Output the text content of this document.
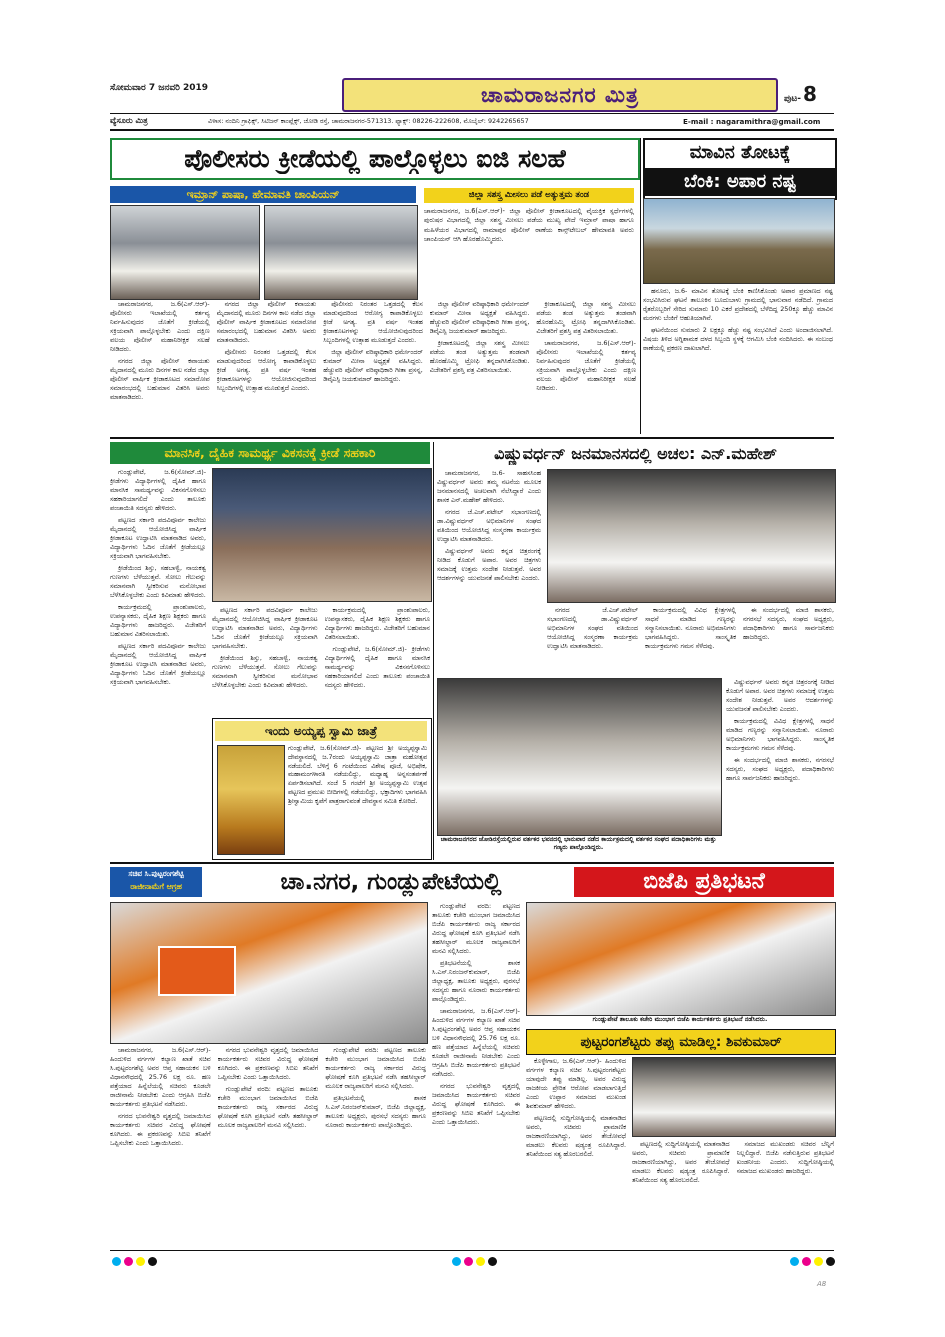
ಸೋಮವಾರ 7 ಜನವರಿ 2019	ಚಾಮರಾಜನಗರ ಮಿತ್ರ	ಪುಟ- 8
ವ್ಯೆಸೂರು ಮಿತ್ರ	ವಿಳಾಸ: ನಂದಿನಿ ಗ್ರಾಫಿಕ್ಸ್, ಸಿಟಿಜನ್ ಕಾಂಪ್ಲೆಕ್ಸ್, ಜೋಡಿ ರಸ್ತೆ, ಚಾಮರಾಜನಗರ-571313. ಫ್ಯಾಕ್ಸ್: 08226-222608, ಮೊಬೈಲ್: 9242265657	E-mail : nagaramithra@gmail.com
ಪೊಲೀಸರು ಕ್ರೀಡೆಯಲ್ಲಿ ಪಾಲ್ಗೊಳ್ಳಲು ಐಜಿ ಸಲಹೆ
ಇಮ್ರಾನ್ ಪಾಷಾ, ಹೇಮಾವತಿ ಚಾಂಪಿಯನ್	ಜಿಲ್ಲಾ ಸಶಸ್ತ್ರ ಮೀಸಲು ಪಡೆ ಅತ್ಯುತ್ತಮ ತಂಡ
ಚಾಮರಾಜನಗರ, ಜ.6(ಎಸ್.ಆರ್)- ಜಿಲ್ಲಾ ಪೊಲೀಸ್ ಕ್ರೀಡಾಕೂಟದಲ್ಲಿ ವೈಯಕ್ತಿಕ ಸ್ಪರ್ಧೆಗಳಲ್ಲಿ ಪುರುಷರ ವಿಭಾಗದಲ್ಲಿ ಜಿಲ್ಲಾ ಸಶಸ್ತ್ರ ಮೀಸಲು ಪಡೆಯ ಮುಖ್ಯ ಪೇದೆ ಇಮ್ರಾನ್ ಪಾಷಾ ಹಾಗೂ ಮಹಿಳೆಯರ ವಿಭಾಗದಲ್ಲಿ ರಾಮಾಪುರ ಪೊಲೀಸ್ ಠಾಣೆಯ ಕಾನ್ಸ್‌ಟೇಬಲ್ ಹೇಮಾವತಿ ಅವರು ಚಾಂಪಿಯನ್ ಆಗಿ ಹೊರಹೊಮ್ಮಿದರು.

ಚಾಮರಾಜನಗರ, ಜ.6(ಎಸ್.ಆರ್)- ಪೊಲೀಸರು ಇಲಾಖೆಯಲ್ಲಿ ಕರ್ತವ್ಯ ನಿರ್ವಹಿಸುವುದರ ಜೊತೆಗೆ ಕ್ರೀಡೆಯಲ್ಲಿ ಸಕ್ರಿಯವಾಗಿ ಪಾಲ್ಗೊಳ್ಳಬೇಕು ಎಂದು ದಕ್ಷಿಣ ವಲಯ ಪೊಲೀಸ್ ಮಹಾನಿರೀಕ್ಷಕ ಸಲಹೆ ನೀಡಿದರು.

ನಗರದ ಜಿಲ್ಲಾ ಪೊಲೀಸ್ ಕವಾಯತು ಮೈದಾನದಲ್ಲಿ ಮೂರು ದಿನಗಳ ಕಾಲ ನಡೆದ ಜಿಲ್ಲಾ ಪೊಲೀಸ್ ವಾರ್ಷಿಕ ಕ್ರೀಡಾಕೂಟದ ಸಮಾರೋಪ ಸಮಾರಂಭದಲ್ಲಿ ಬಹುಮಾನ ವಿತರಿಸಿ ಅವರು ಮಾತನಾಡಿದರು.

ನಗರದ ಜಿಲ್ಲಾ ಪೊಲೀಸ್ ಕವಾಯತು ಮೈದಾನದಲ್ಲಿ ಮೂರು ದಿನಗಳ ಕಾಲ ನಡೆದ ಜಿಲ್ಲಾ ಪೊಲೀಸ್ ವಾರ್ಷಿಕ ಕ್ರೀಡಾಕೂಟದ ಸಮಾರೋಪ ಸಮಾರಂಭದಲ್ಲಿ ಬಹುಮಾನ ವಿತರಿಸಿ ಅವರು ಮಾತನಾಡಿದರು.

ಪೊಲೀಸರು ನಿರಂತರ ಒತ್ತಡದಲ್ಲಿ ಕೆಲಸ ಮಾಡುವುದರಿಂದ ಆರೋಗ್ಯ ಕಾಪಾಡಿಕೊಳ್ಳಲು ಕ್ರೀಡೆ ಅಗತ್ಯ. ಪ್ರತಿ ವರ್ಷ ಇಂತಹ ಕ್ರೀಡಾಕೂಟಗಳನ್ನು ಆಯೋಜಿಸುವುದರಿಂದ ಸಿಬ್ಬಂದಿಗಳಲ್ಲಿ ಉತ್ಸಾಹ ಮೂಡುತ್ತದೆ ಎಂದರು.

ಪೊಲೀಸರು ನಿರಂತರ ಒತ್ತಡದಲ್ಲಿ ಕೆಲಸ ಮಾಡುವುದರಿಂದ ಆರೋಗ್ಯ ಕಾಪಾಡಿಕೊಳ್ಳಲು ಕ್ರೀಡೆ ಅಗತ್ಯ. ಪ್ರತಿ ವರ್ಷ ಇಂತಹ ಕ್ರೀಡಾಕೂಟಗಳನ್ನು ಆಯೋಜಿಸುವುದರಿಂದ ಸಿಬ್ಬಂದಿಗಳಲ್ಲಿ ಉತ್ಸಾಹ ಮೂಡುತ್ತದೆ ಎಂದರು.

ಜಿಲ್ಲಾ ಪೊಲೀಸ್ ವರಿಷ್ಠಾಧಿಕಾರಿ ಧರ್ಮೇಂದರ್ ಕುಮಾರ್ ಮೀನಾ ಅಧ್ಯಕ್ಷತೆ ವಹಿಸಿದ್ದರು. ಹೆಚ್ಚುವರಿ ಪೊಲೀಸ್ ವರಿಷ್ಠಾಧಿಕಾರಿ ಗೀತಾ ಪ್ರಸನ್ನ, ಡಿವೈಎಸ್ಪಿ ಜಯಕುಮಾರ್ ಹಾಜರಿದ್ದರು.

ಜಿಲ್ಲಾ ಪೊಲೀಸ್ ವರಿಷ್ಠಾಧಿಕಾರಿ ಧರ್ಮೇಂದರ್ ಕುಮಾರ್ ಮೀನಾ ಅಧ್ಯಕ್ಷತೆ ವಹಿಸಿದ್ದರು. ಹೆಚ್ಚುವರಿ ಪೊಲೀಸ್ ವರಿಷ್ಠಾಧಿಕಾರಿ ಗೀತಾ ಪ್ರಸನ್ನ, ಡಿವೈಎಸ್ಪಿ ಜಯಕುಮಾರ್ ಹಾಜರಿದ್ದರು.

ಕ್ರೀಡಾಕೂಟದಲ್ಲಿ ಜಿಲ್ಲಾ ಸಶಸ್ತ್ರ ಮೀಸಲು ಪಡೆಯ ತಂಡ ಅತ್ಯುತ್ತಮ ತಂಡವಾಗಿ ಹೊರಹೊಮ್ಮಿ ಟ್ರೋಫಿ ತನ್ನದಾಗಿಸಿಕೊಂಡಿತು. ವಿಜೇತರಿಗೆ ಪ್ರಶಸ್ತಿ ಪತ್ರ ವಿತರಿಸಲಾಯಿತು.

ಕ್ರೀಡಾಕೂಟದಲ್ಲಿ ಜಿಲ್ಲಾ ಸಶಸ್ತ್ರ ಮೀಸಲು ಪಡೆಯ ತಂಡ ಅತ್ಯುತ್ತಮ ತಂಡವಾಗಿ ಹೊರಹೊಮ್ಮಿ ಟ್ರೋಫಿ ತನ್ನದಾಗಿಸಿಕೊಂಡಿತು. ವಿಜೇತರಿಗೆ ಪ್ರಶಸ್ತಿ ಪತ್ರ ವಿತರಿಸಲಾಯಿತು.

ಚಾಮರಾಜನಗರ, ಜ.6(ಎಸ್.ಆರ್)- ಪೊಲೀಸರು ಇಲಾಖೆಯಲ್ಲಿ ಕರ್ತವ್ಯ ನಿರ್ವಹಿಸುವುದರ ಜೊತೆಗೆ ಕ್ರೀಡೆಯಲ್ಲಿ ಸಕ್ರಿಯವಾಗಿ ಪಾಲ್ಗೊಳ್ಳಬೇಕು ಎಂದು ದಕ್ಷಿಣ ವಲಯ ಪೊಲೀಸ್ ಮಹಾನಿರೀಕ್ಷಕ ಸಲಹೆ ನೀಡಿದರು.

ಮಾವಿನ ತೋಟಕ್ಕೆ
ಬೆಂಕಿ: ಅಪಾರ ನಷ್ಟ

ಹನೂರು, ಜ.6- ಮಾವಿನ ತೋಟಕ್ಕೆ ಬೆಂಕಿ ಕಾಣಿಸಿಕೊಂಡು ಅಪಾರ ಪ್ರಮಾಣದ ನಷ್ಟ ಸಂಭವಿಸಿರುವ ಘಟನೆ ತಾಲೂಕಿನ ಬೂದುಬಾಳು ಗ್ರಾಮದಲ್ಲಿ ಭಾನುವಾರ ನಡೆದಿದೆ. ಗ್ರಾಮದ ರೈತರೊಬ್ಬರಿಗೆ ಸೇರಿದ ಸುಮಾರು 10 ಎಕರೆ ಪ್ರದೇಶದಲ್ಲಿ ಬೆಳೆದಿದ್ದ 250ಕ್ಕೂ ಹೆಚ್ಚು ಮಾವಿನ ಮರಗಳು ಬೆಂಕಿಗೆ ಆಹುತಿಯಾಗಿವೆ.

ಘಟನೆಯಿಂದ ಸುಮಾರು 2 ಲಕ್ಷಕ್ಕೂ ಹೆಚ್ಚು ನಷ್ಟ ಸಂಭವಿಸಿದೆ ಎಂದು ಅಂದಾಜಿಸಲಾಗಿದೆ. ವಿಷಯ ತಿಳಿದ ಅಗ್ನಿಶಾಮಕ ದಳದ ಸಿಬ್ಬಂದಿ ಸ್ಥಳಕ್ಕೆ ಆಗಮಿಸಿ ಬೆಂಕಿ ನಂದಿಸಿದರು. ಈ ಸಂಬಂಧ ಠಾಣೆಯಲ್ಲಿ ಪ್ರಕರಣ ದಾಖಲಾಗಿದೆ.

ಮಾನಸಿಕ, ದೈಹಿಕ ಸಾಮರ್ಥ್ಯ ವಿಕಸನಕ್ಕೆ ಕ್ರೀಡೆ ಸಹಕಾರಿ

ಗುಂಡ್ಲುಪೇಟೆ, ಜ.6(ಸೋಮ್.ಜಿ)- ಕ್ರೀಡೆಗಳು ವಿದ್ಯಾರ್ಥಿಗಳಲ್ಲಿ ದೈಹಿಕ ಹಾಗೂ ಮಾನಸಿಕ ಸಾಮರ್ಥ್ಯವನ್ನು ವಿಕಸನಗೊಳಿಸಲು ಸಹಕಾರಿಯಾಗಲಿದೆ ಎಂದು ತಾಲೂಕು ಪಂಚಾಯಿತಿ ಸದಸ್ಯರು ಹೇಳಿದರು.

ಪಟ್ಟಣದ ಸರ್ಕಾರಿ ಪದವಿಪೂರ್ವ ಕಾಲೇಜು ಮೈದಾನದಲ್ಲಿ ಆಯೋಜಿಸಿದ್ದ ವಾರ್ಷಿಕ ಕ್ರೀಡಾಕೂಟ ಉದ್ಘಾಟಿಸಿ ಮಾತನಾಡಿದ ಅವರು, ವಿದ್ಯಾರ್ಥಿಗಳು ಓದಿನ ಜೊತೆಗೆ ಕ್ರೀಡೆಯಲ್ಲೂ ಸಕ್ರಿಯವಾಗಿ ಭಾಗವಹಿಸಬೇಕು.

ಕ್ರೀಡೆಯಿಂದ ಶಿಸ್ತು, ಸಹಬಾಳ್ವೆ, ನಾಯಕತ್ವ ಗುಣಗಳು ಬೆಳೆಯುತ್ತವೆ. ಸೋಲು ಗೆಲುವನ್ನು ಸಮಾನವಾಗಿ ಸ್ವೀಕರಿಸುವ ಮನೋಭಾವ ಬೆಳೆಸಿಕೊಳ್ಳಬೇಕು ಎಂದು ಕಿವಿಮಾತು ಹೇಳಿದರು.

ಕಾರ್ಯಕ್ರಮದಲ್ಲಿ ಪ್ರಾಂಶುಪಾಲರು, ಉಪನ್ಯಾಸಕರು, ದೈಹಿಕ ಶಿಕ್ಷಣ ಶಿಕ್ಷಕರು ಹಾಗೂ ವಿದ್ಯಾರ್ಥಿಗಳು ಹಾಜರಿದ್ದರು. ವಿಜೇತರಿಗೆ ಬಹುಮಾನ ವಿತರಿಸಲಾಯಿತು.

ಪಟ್ಟಣದ ಸರ್ಕಾರಿ ಪದವಿಪೂರ್ವ ಕಾಲೇಜು ಮೈದಾನದಲ್ಲಿ ಆಯೋಜಿಸಿದ್ದ ವಾರ್ಷಿಕ ಕ್ರೀಡಾಕೂಟ ಉದ್ಘಾಟಿಸಿ ಮಾತನಾಡಿದ ಅವರು, ವಿದ್ಯಾರ್ಥಿಗಳು ಓದಿನ ಜೊತೆಗೆ ಕ್ರೀಡೆಯಲ್ಲೂ ಸಕ್ರಿಯವಾಗಿ ಭಾಗವಹಿಸಬೇಕು.

ಪಟ್ಟಣದ ಸರ್ಕಾರಿ ಪದವಿಪೂರ್ವ ಕಾಲೇಜು ಮೈದಾನದಲ್ಲಿ ಆಯೋಜಿಸಿದ್ದ ವಾರ್ಷಿಕ ಕ್ರೀಡಾಕೂಟ ಉದ್ಘಾಟಿಸಿ ಮಾತನಾಡಿದ ಅವರು, ವಿದ್ಯಾರ್ಥಿಗಳು ಓದಿನ ಜೊತೆಗೆ ಕ್ರೀಡೆಯಲ್ಲೂ ಸಕ್ರಿಯವಾಗಿ ಭಾಗವಹಿಸಬೇಕು.

ಕ್ರೀಡೆಯಿಂದ ಶಿಸ್ತು, ಸಹಬಾಳ್ವೆ, ನಾಯಕತ್ವ ಗುಣಗಳು ಬೆಳೆಯುತ್ತವೆ. ಸೋಲು ಗೆಲುವನ್ನು ಸಮಾನವಾಗಿ ಸ್ವೀಕರಿಸುವ ಮನೋಭಾವ ಬೆಳೆಸಿಕೊಳ್ಳಬೇಕು ಎಂದು ಕಿವಿಮಾತು ಹೇಳಿದರು.

ಕಾರ್ಯಕ್ರಮದಲ್ಲಿ ಪ್ರಾಂಶುಪಾಲರು, ಉಪನ್ಯಾಸಕರು, ದೈಹಿಕ ಶಿಕ್ಷಣ ಶಿಕ್ಷಕರು ಹಾಗೂ ವಿದ್ಯಾರ್ಥಿಗಳು ಹಾಜರಿದ್ದರು. ವಿಜೇತರಿಗೆ ಬಹುಮಾನ ವಿತರಿಸಲಾಯಿತು.

ಗುಂಡ್ಲುಪೇಟೆ, ಜ.6(ಸೋಮ್.ಜಿ)- ಕ್ರೀಡೆಗಳು ವಿದ್ಯಾರ್ಥಿಗಳಲ್ಲಿ ದೈಹಿಕ ಹಾಗೂ ಮಾನಸಿಕ ಸಾಮರ್ಥ್ಯವನ್ನು ವಿಕಸನಗೊಳಿಸಲು ಸಹಕಾರಿಯಾಗಲಿದೆ ಎಂದು ತಾಲೂಕು ಪಂಚಾಯಿತಿ ಸದಸ್ಯರು ಹೇಳಿದರು.

ಇಂದು ಅಯ್ಯಪ್ಪ ಸ್ವಾಮಿ ಜಾತ್ರೆ
ಗುಂಡ್ಲುಪೇಟೆ, ಜ.6(ಸೋಮ್.ಜಿ)- ಪಟ್ಟಣದ ಶ್ರೀ ಅಯ್ಯಪ್ಪಸ್ವಾಮಿ ದೇವಸ್ಥಾನದಲ್ಲಿ ಜ.7ರಂದು ಅಯ್ಯಪ್ಪಸ್ವಾಮಿ ಜಾತ್ರಾ ಮಹೋತ್ಸವ ನಡೆಯಲಿದೆ. ಬೆಳಿಗ್ಗೆ 6 ಗಂಟೆಯಿಂದ ವಿಶೇಷ ಪೂಜೆ, ಅಭಿಷೇಕ, ಮಹಾಮಂಗಳಾರತಿ ನಡೆಯಲಿದ್ದು, ಮಧ್ಯಾಹ್ನ ಅನ್ನಸಂತರ್ಪಣೆ ಏರ್ಪಡಿಸಲಾಗಿದೆ. ಸಂಜೆ 5 ಗಂಟೆಗೆ ಶ್ರೀ ಅಯ್ಯಪ್ಪಸ್ವಾಮಿ ಉತ್ಸವ ಪಟ್ಟಣದ ಪ್ರಮುಖ ಬೀದಿಗಳಲ್ಲಿ ನಡೆಯಲಿದ್ದು, ಭಕ್ತಾದಿಗಳು ಭಾಗವಹಿಸಿ ಶ್ರೀಸ್ವಾಮಿಯ ಕೃಪೆಗೆ ಪಾತ್ರರಾಗುವಂತೆ ದೇವಸ್ಥಾನ ಸಮಿತಿ ಕೋರಿದೆ.
ವಿಷ್ಣುವರ್ಧನ್ ಜನಮಾನಸದಲ್ಲಿ ಅಚಲ: ಎನ್.ಮಹೇಶ್

ಚಾಮರಾಜನಗರ, ಜ.6- ಸಾಹಸಸಿಂಹ ವಿಷ್ಣುವರ್ಧನ್ ಅವರು ತಮ್ಮ ನಟನೆಯ ಮೂಲಕ ಜನಮಾನಸದಲ್ಲಿ ಅಚಲವಾಗಿ ನೆಲೆಸಿದ್ದಾರೆ ಎಂದು ಶಾಸಕ ಎನ್.ಮಹೇಶ್ ಹೇಳಿದರು.

ನಗರದ ಜೆ.ಎಚ್.ಪಟೇಲ್ ಸಭಾಂಗಣದಲ್ಲಿ ಡಾ.ವಿಷ್ಣುವರ್ಧನ್ ಅಭಿಮಾನಿಗಳ ಸಂಘದ ವತಿಯಿಂದ ಆಯೋಜಿಸಿದ್ದ ಸಂಸ್ಮರಣಾ ಕಾರ್ಯಕ್ರಮ ಉದ್ಘಾಟಿಸಿ ಮಾತನಾಡಿದರು.

ವಿಷ್ಣುವರ್ಧನ್ ಅವರು ಕನ್ನಡ ಚಿತ್ರರಂಗಕ್ಕೆ ನೀಡಿದ ಕೊಡುಗೆ ಅಪಾರ. ಅವರ ಚಿತ್ರಗಳು ಸಮಾಜಕ್ಕೆ ಉತ್ತಮ ಸಂದೇಶ ನೀಡುತ್ತವೆ. ಅವರ ಆದರ್ಶಗಳನ್ನು ಯುವಜನತೆ ಪಾಲಿಸಬೇಕು ಎಂದರು.

ನಗರದ ಜೆ.ಎಚ್.ಪಟೇಲ್ ಸಭಾಂಗಣದಲ್ಲಿ ಡಾ.ವಿಷ್ಣುವರ್ಧನ್ ಅಭಿಮಾನಿಗಳ ಸಂಘದ ವತಿಯಿಂದ ಆಯೋಜಿಸಿದ್ದ ಸಂಸ್ಮರಣಾ ಕಾರ್ಯಕ್ರಮ ಉದ್ಘಾಟಿಸಿ ಮಾತನಾಡಿದರು.

ಕಾರ್ಯಕ್ರಮದಲ್ಲಿ ವಿವಿಧ ಕ್ಷೇತ್ರಗಳಲ್ಲಿ ಸಾಧನೆ ಮಾಡಿದ ಗಣ್ಯರನ್ನು ಸನ್ಮಾನಿಸಲಾಯಿತು. ನೂರಾರು ಅಭಿಮಾನಿಗಳು ಭಾಗವಹಿಸಿದ್ದರು. ಸಾಂಸ್ಕೃತಿಕ ಕಾರ್ಯಕ್ರಮಗಳು ಗಮನ ಸೆಳೆದವು.

ಈ ಸಂದರ್ಭದಲ್ಲಿ ಮಾಜಿ ಶಾಸಕರು, ನಗರಸಭೆ ಸದಸ್ಯರು, ಸಂಘದ ಅಧ್ಯಕ್ಷರು, ಪದಾಧಿಕಾರಿಗಳು ಹಾಗೂ ಸಾರ್ವಜನಿಕರು ಹಾಜರಿದ್ದರು.

ಚಾಮರಾಜನಗರದ ಜೋಡಿರಸ್ತೆಯಲ್ಲಿರುವ ವರ್ತಕರ ಭವನದಲ್ಲಿ ಭಾನುವಾರ ನಡೆದ ಕಾರ್ಯಕ್ರಮದಲ್ಲಿ ವರ್ತಕರ ಸಂಘದ ಪದಾಧಿಕಾರಿಗಳು ಮತ್ತು ಗಣ್ಯರು ಪಾಲ್ಗೊಂಡಿದ್ದರು.

ವಿಷ್ಣುವರ್ಧನ್ ಅವರು ಕನ್ನಡ ಚಿತ್ರರಂಗಕ್ಕೆ ನೀಡಿದ ಕೊಡುಗೆ ಅಪಾರ. ಅವರ ಚಿತ್ರಗಳು ಸಮಾಜಕ್ಕೆ ಉತ್ತಮ ಸಂದೇಶ ನೀಡುತ್ತವೆ. ಅವರ ಆದರ್ಶಗಳನ್ನು ಯುವಜನತೆ ಪಾಲಿಸಬೇಕು ಎಂದರು.

ಕಾರ್ಯಕ್ರಮದಲ್ಲಿ ವಿವಿಧ ಕ್ಷೇತ್ರಗಳಲ್ಲಿ ಸಾಧನೆ ಮಾಡಿದ ಗಣ್ಯರನ್ನು ಸನ್ಮಾನಿಸಲಾಯಿತು. ನೂರಾರು ಅಭಿಮಾನಿಗಳು ಭಾಗವಹಿಸಿದ್ದರು. ಸಾಂಸ್ಕೃತಿಕ ಕಾರ್ಯಕ್ರಮಗಳು ಗಮನ ಸೆಳೆದವು.

ಈ ಸಂದರ್ಭದಲ್ಲಿ ಮಾಜಿ ಶಾಸಕರು, ನಗರಸಭೆ ಸದಸ್ಯರು, ಸಂಘದ ಅಧ್ಯಕ್ಷರು, ಪದಾಧಿಕಾರಿಗಳು ಹಾಗೂ ಸಾರ್ವಜನಿಕರು ಹಾಜರಿದ್ದರು.

ಸಚಿವ ಸಿ.ಪುಟ್ಟರಂಗಶೆಟ್ಟಿ
ರಾಜೀನಾಮೆಗೆ ಆಗ್ರಹ	ಚಾ.ನಗರ, ಗುಂಡ್ಲುಪೇಟೆಯಲ್ಲಿ	ಬಿಜೆಪಿ ಪ್ರತಿಭಟನೆ

ಚಾಮರಾಜನಗರ, ಜ.6(ಎಸ್.ಆರ್)- ಹಿಂದುಳಿದ ವರ್ಗಗಳ ಕಲ್ಯಾಣ ಖಾತೆ ಸಚಿವ ಸಿ.ಪುಟ್ಟರಂಗಶೆಟ್ಟಿ ಅವರ ಆಪ್ತ ಸಹಾಯಕನ ಬಳಿ ವಿಧಾನಸೌಧದಲ್ಲಿ 25.76 ಲಕ್ಷ ರೂ. ಹಣ ಪತ್ತೆಯಾದ ಹಿನ್ನೆಲೆಯಲ್ಲಿ ಸಚಿವರು ಕೂಡಲೇ ರಾಜೀನಾಮೆ ನೀಡಬೇಕು ಎಂದು ಆಗ್ರಹಿಸಿ ಬಿಜೆಪಿ ಕಾರ್ಯಕರ್ತರು ಪ್ರತಿಭಟನೆ ನಡೆಸಿದರು.

ನಗರದ ಭುವನೇಶ್ವರಿ ವೃತ್ತದಲ್ಲಿ ಜಮಾಯಿಸಿದ ಕಾರ್ಯಕರ್ತರು ಸಚಿವರ ವಿರುದ್ಧ ಘೋಷಣೆ ಕೂಗಿದರು. ಈ ಪ್ರಕರಣವನ್ನು ಸಿಬಿಐ ತನಿಖೆಗೆ ಒಪ್ಪಿಸಬೇಕು ಎಂದು ಒತ್ತಾಯಿಸಿದರು.

ನಗರದ ಭುವನೇಶ್ವರಿ ವೃತ್ತದಲ್ಲಿ ಜಮಾಯಿಸಿದ ಕಾರ್ಯಕರ್ತರು ಸಚಿವರ ವಿರುದ್ಧ ಘೋಷಣೆ ಕೂಗಿದರು. ಈ ಪ್ರಕರಣವನ್ನು ಸಿಬಿಐ ತನಿಖೆಗೆ ಒಪ್ಪಿಸಬೇಕು ಎಂದು ಒತ್ತಾಯಿಸಿದರು.

ಗುಂಡ್ಲುಪೇಟೆ ವರದಿ: ಪಟ್ಟಣದ ತಾಲೂಕು ಕಚೇರಿ ಮುಂಭಾಗ ಜಮಾಯಿಸಿದ ಬಿಜೆಪಿ ಕಾರ್ಯಕರ್ತರು ರಾಜ್ಯ ಸರ್ಕಾರದ ವಿರುದ್ಧ ಘೋಷಣೆ ಕೂಗಿ ಪ್ರತಿಭಟನೆ ನಡೆಸಿ ತಹಸೀಲ್ದಾರ್ ಮೂಲಕ ರಾಜ್ಯಪಾಲರಿಗೆ ಮನವಿ ಸಲ್ಲಿಸಿದರು.

ಗುಂಡ್ಲುಪೇಟೆ ವರದಿ: ಪಟ್ಟಣದ ತಾಲೂಕು ಕಚೇರಿ ಮುಂಭಾಗ ಜಮಾಯಿಸಿದ ಬಿಜೆಪಿ ಕಾರ್ಯಕರ್ತರು ರಾಜ್ಯ ಸರ್ಕಾರದ ವಿರುದ್ಧ ಘೋಷಣೆ ಕೂಗಿ ಪ್ರತಿಭಟನೆ ನಡೆಸಿ ತಹಸೀಲ್ದಾರ್ ಮೂಲಕ ರಾಜ್ಯಪಾಲರಿಗೆ ಮನವಿ ಸಲ್ಲಿಸಿದರು.

ಪ್ರತಿಭಟನೆಯಲ್ಲಿ ಶಾಸಕ ಸಿ.ಎಸ್.ನಿರಂಜನ್‌ಕುಮಾರ್, ಬಿಜೆಪಿ ಜಿಲ್ಲಾಧ್ಯಕ್ಷ, ತಾಲೂಕು ಅಧ್ಯಕ್ಷರು, ಪುರಸಭೆ ಸದಸ್ಯರು ಹಾಗೂ ನೂರಾರು ಕಾರ್ಯಕರ್ತರು ಪಾಲ್ಗೊಂಡಿದ್ದರು.

ಗುಂಡ್ಲುಪೇಟೆ ವರದಿ: ಪಟ್ಟಣದ ತಾಲೂಕು ಕಚೇರಿ ಮುಂಭಾಗ ಜಮಾಯಿಸಿದ ಬಿಜೆಪಿ ಕಾರ್ಯಕರ್ತರು ರಾಜ್ಯ ಸರ್ಕಾರದ ವಿರುದ್ಧ ಘೋಷಣೆ ಕೂಗಿ ಪ್ರತಿಭಟನೆ ನಡೆಸಿ ತಹಸೀಲ್ದಾರ್ ಮೂಲಕ ರಾಜ್ಯಪಾಲರಿಗೆ ಮನವಿ ಸಲ್ಲಿಸಿದರು.

ಪ್ರತಿಭಟನೆಯಲ್ಲಿ ಶಾಸಕ ಸಿ.ಎಸ್.ನಿರಂಜನ್‌ಕುಮಾರ್, ಬಿಜೆಪಿ ಜಿಲ್ಲಾಧ್ಯಕ್ಷ, ತಾಲೂಕು ಅಧ್ಯಕ್ಷರು, ಪುರಸಭೆ ಸದಸ್ಯರು ಹಾಗೂ ನೂರಾರು ಕಾರ್ಯಕರ್ತರು ಪಾಲ್ಗೊಂಡಿದ್ದರು.

ಚಾಮರಾಜನಗರ, ಜ.6(ಎಸ್.ಆರ್)- ಹಿಂದುಳಿದ ವರ್ಗಗಳ ಕಲ್ಯಾಣ ಖಾತೆ ಸಚಿವ ಸಿ.ಪುಟ್ಟರಂಗಶೆಟ್ಟಿ ಅವರ ಆಪ್ತ ಸಹಾಯಕನ ಬಳಿ ವಿಧಾನಸೌಧದಲ್ಲಿ 25.76 ಲಕ್ಷ ರೂ. ಹಣ ಪತ್ತೆಯಾದ ಹಿನ್ನೆಲೆಯಲ್ಲಿ ಸಚಿವರು ಕೂಡಲೇ ರಾಜೀನಾಮೆ ನೀಡಬೇಕು ಎಂದು ಆಗ್ರಹಿಸಿ ಬಿಜೆಪಿ ಕಾರ್ಯಕರ್ತರು ಪ್ರತಿಭಟನೆ ನಡೆಸಿದರು.

ನಗರದ ಭುವನೇಶ್ವರಿ ವೃತ್ತದಲ್ಲಿ ಜಮಾಯಿಸಿದ ಕಾರ್ಯಕರ್ತರು ಸಚಿವರ ವಿರುದ್ಧ ಘೋಷಣೆ ಕೂಗಿದರು. ಈ ಪ್ರಕರಣವನ್ನು ಸಿಬಿಐ ತನಿಖೆಗೆ ಒಪ್ಪಿಸಬೇಕು ಎಂದು ಒತ್ತಾಯಿಸಿದರು.

ಗುಂಡ್ಲುಪೇಟೆ ತಾಲೂಕು ಕಚೇರಿ ಮುಂಭಾಗ ಬಿಜೆಪಿ ಕಾರ್ಯಕರ್ತರು ಪ್ರತಿಭಟನೆ ನಡೆಸಿದರು.
ಪುಟ್ಟರಂಗಶೆಟ್ಟರು ತಪ್ಪು ಮಾಡಿಲ್ಲ: ಶಿವಕುಮಾರ್

ಕೊಳ್ಳೇಗಾಲ, ಜ.6(ಎಸ್.ಆರ್)- ಹಿಂದುಳಿದ ವರ್ಗಗಳ ಕಲ್ಯಾಣ ಸಚಿವ ಸಿ.ಪುಟ್ಟರಂಗಶೆಟ್ಟರು ಯಾವುದೇ ತಪ್ಪು ಮಾಡಿಲ್ಲ. ಅವರ ವಿರುದ್ಧ ರಾಜಕೀಯ ಪ್ರೇರಿತ ಆರೋಪ ಮಾಡಲಾಗುತ್ತಿದೆ ಎಂದು ಉಪ್ಪಾರ ಸಮಾಜದ ಮುಖಂಡ ಶಿವಕುಮಾರ್ ಹೇಳಿದರು.

ಪಟ್ಟಣದಲ್ಲಿ ಸುದ್ದಿಗೋಷ್ಠಿಯಲ್ಲಿ ಮಾತನಾಡಿದ ಅವರು, ಸಚಿವರು ಪ್ರಾಮಾಣಿಕ ರಾಜಕಾರಣಿಯಾಗಿದ್ದು, ಅವರ ತೇಜೋವಧೆ ಮಾಡಲು ಕೆಲವರು ಷಡ್ಯಂತ್ರ ರೂಪಿಸಿದ್ದಾರೆ. ತನಿಖೆಯಿಂದ ಸತ್ಯ ಹೊರಬರಲಿದೆ.

ಪಟ್ಟಣದಲ್ಲಿ ಸುದ್ದಿಗೋಷ್ಠಿಯಲ್ಲಿ ಮಾತನಾಡಿದ ಅವರು, ಸಚಿವರು ಪ್ರಾಮಾಣಿಕ ರಾಜಕಾರಣಿಯಾಗಿದ್ದು, ಅವರ ತೇಜೋವಧೆ ಮಾಡಲು ಕೆಲವರು ಷಡ್ಯಂತ್ರ ರೂಪಿಸಿದ್ದಾರೆ. ತನಿಖೆಯಿಂದ ಸತ್ಯ ಹೊರಬರಲಿದೆ.

ಸಮಾಜದ ಮುಖಂಡರು ಸಚಿವರ ಬೆನ್ನಿಗೆ ನಿಲ್ಲಲಿದ್ದಾರೆ. ಬಿಜೆಪಿ ನಡೆಸುತ್ತಿರುವ ಪ್ರತಿಭಟನೆ ಖಂಡನೀಯ ಎಂದರು. ಸುದ್ದಿಗೋಷ್ಠಿಯಲ್ಲಿ ಸಮಾಜದ ಮುಖಂಡರು ಹಾಜರಿದ್ದರು.

A8
